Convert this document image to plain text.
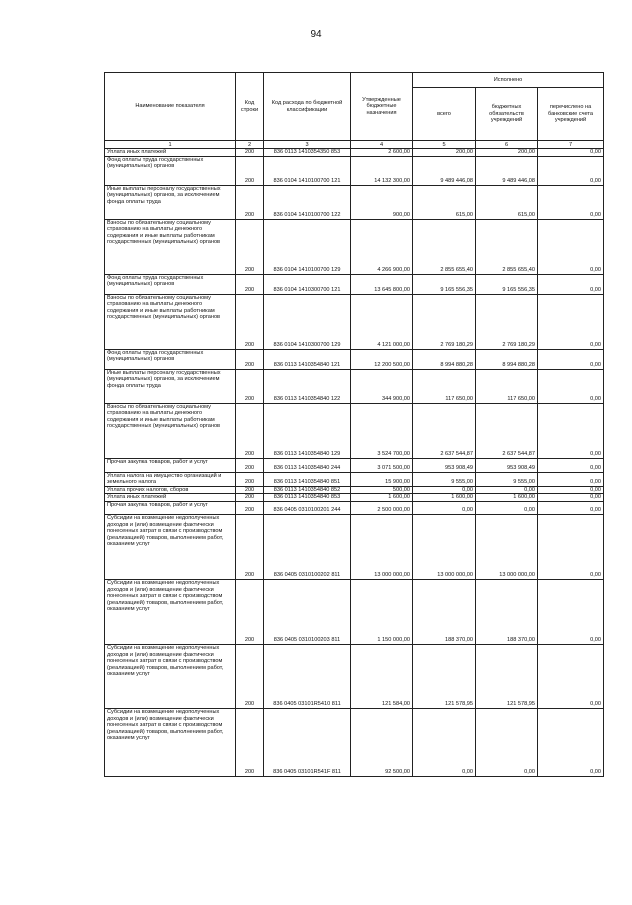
94
Наименование показателя	Код строки	Код расхода по бюджетной классификации	Утвержденные бюджетные назначения	Исполнено		
				всего	бюджетных обязательств учреждений	перечислено на банковские счета учреждений
1	2	3	4	5	6	7
Уплата иных платежей	200	836 0113 1410354350 853	2 600,00	200,00	200,00	0,00
Фонд оплаты труда государственных (муниципальных) органов	200	836 0104 1410100700 121	14 132 300,00	9 489 446,08	9 489 446,08	0,00
Иные выплаты персоналу государственных (муниципальных) органов, за исключением фонда оплаты труда	200	836 0104 1410100700 122	900,00	615,00	615,00	0,00
Взносы по обязательному социальному страхованию на выплаты денежного содержания и иные выплаты работникам государственных (муниципальных) органов	200	836 0104 1410100700 129	4 266 900,00	2 855 655,40	2 855 655,40	0,00
Фонд оплаты труда государственных (муниципальных) органов	200	836 0104 1410300700 121	13 645 800,00	9 165 556,35	9 165 556,35	0,00
Взносы по обязательному социальному страхованию на выплаты денежного содержания и иные выплаты работникам государственных (муниципальных) органов	200	836 0104 1410300700 129	4 121 000,00	2 769 180,29	2 769 180,29	0,00
Фонд оплаты труда государственных (муниципальных) органов	200	836 0113 1410354840 121	12 200 500,00	8 994 880,28	8 994 880,28	0,00
Иные выплаты персоналу государственных (муниципальных) органов, за исключением фонда оплаты труда	200	836 0113 1410354840 122	344 900,00	117 650,00	117 650,00	0,00
Взносы по обязательному социальному страхованию на выплаты денежного содержания и иные выплаты работникам государственных (муниципальных) органов	200	836 0113 1410354840 129	3 524 700,00	2 637 544,87	2 637 544,87	0,00
Прочая закупка товаров, работ и услуг	200	836 0113 1410354840 244	3 071 500,00	953 908,49	953 908,49	0,00
Уплата налога на имущество организаций и земельного налога	200	836 0113 1410354840 851	15 900,00	9 555,00	9 555,00	0,00
Уплата прочих налогов, сборов	200	836 0113 1410354840 852	500,00	0,00	0,00	0,00
Уплата иных платежей	200	836 0113 1410354840 853	1 600,00	1 600,00	1 600,00	0,00
Прочая закупка товаров, работ и услуг	200	836 0405 0310100201 244	2 500 000,00	0,00	0,00	0,00
Субсидии на возмещение недополученных доходов и (или) возмещение фактически понесенных затрат в связи с производством (реализацией) товаров, выполнением работ, оказанием услуг	200	836 0405 0310100202 811	13 000 000,00	13 000 000,00	13 000 000,00	0,00
Субсидии на возмещение недополученных доходов и (или) возмещение фактически понесенных затрат в связи с производством (реализацией) товаров, выполнением работ, оказанием услуг	200	836 0405 0310100203 811	1 150 000,00	188 370,00	188 370,00	0,00
Субсидии на возмещение недополученных доходов и (или) возмещение фактически понесенных затрат в связи с производством (реализацией) товаров, выполнением работ, оказанием услуг	200	836 0405 03101R5410 811	121 584,00	121 578,95	121 578,95	0,00
Субсидии на возмещение недополученных доходов и (или) возмещение фактически понесенных затрат в связи с производством (реализацией) товаров, выполнением работ, оказанием услуг	200	836 0405 03101R541F 811	92 500,00	0,00	0,00	0,00
